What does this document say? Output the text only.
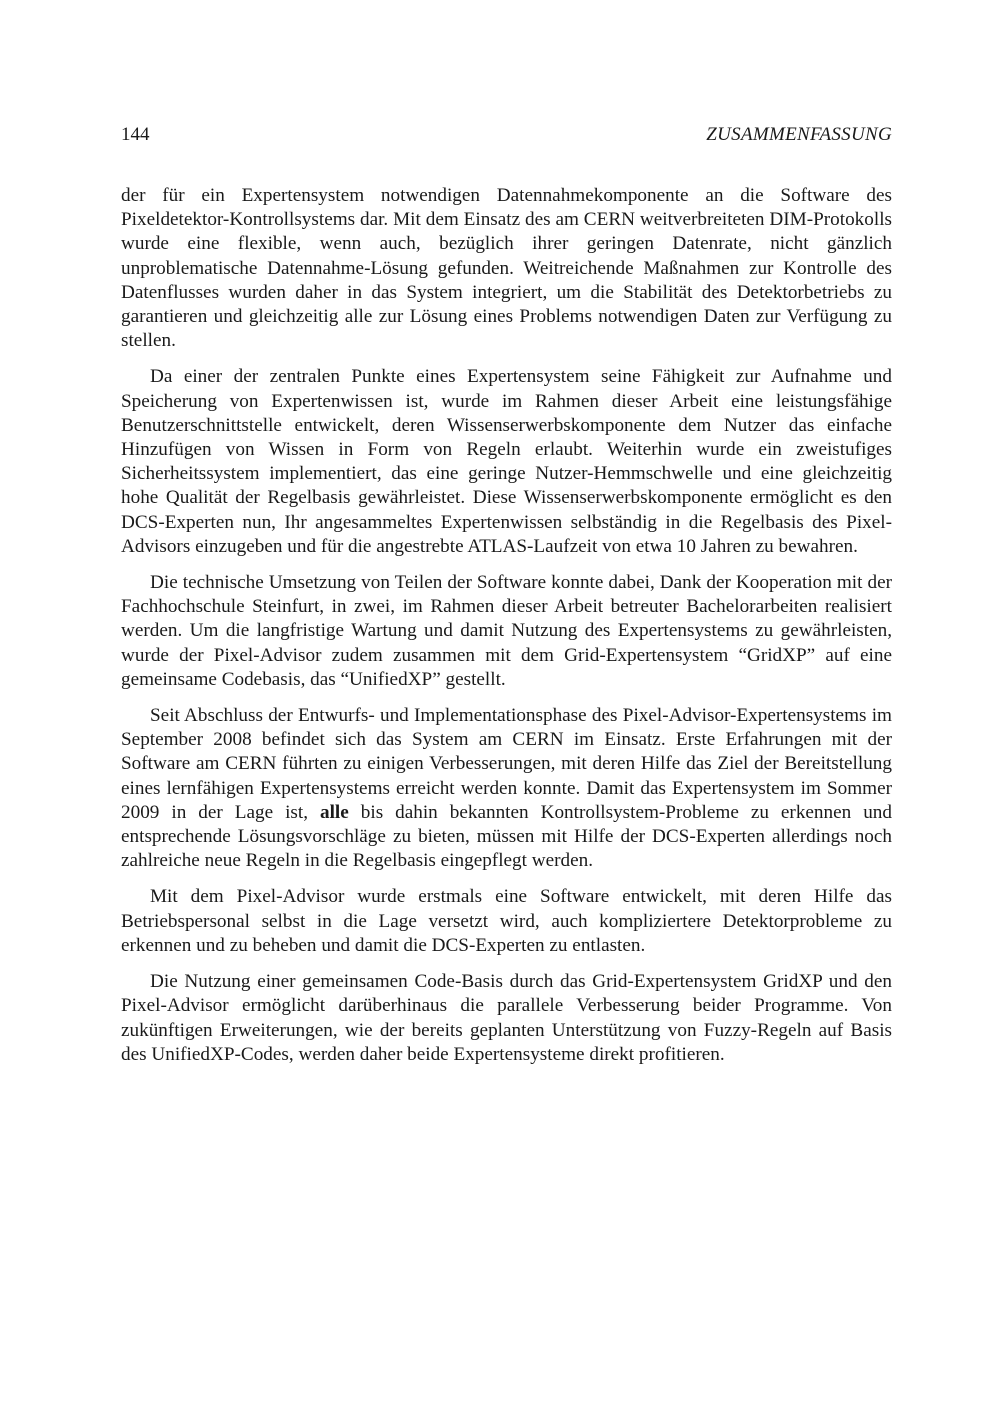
144	ZUSAMMENFASSUNG

der für ein Expertensystem notwendigen Datennahmekomponente an die Software des Pixeldetektor-Kontrollsystems dar. Mit dem Einsatz des am CERN weitverbreiteten DIM-Protokolls wurde eine flexible, wenn auch, bezüglich ihrer geringen Datenrate, nicht gänzlich unproblematische Datennahme-Lösung gefunden. Weitreichende Maßnahmen zur Kontrolle des Datenflusses wurden daher in das System integriert, um die Stabilität des Detektorbetriebs zu garantieren und gleichzeitig alle zur Lösung eines Problems notwendigen Daten zur Verfügung zu stellen.

Da einer der zentralen Punkte eines Expertensystem seine Fähigkeit zur Aufnahme und Speicherung von Expertenwissen ist, wurde im Rahmen dieser Arbeit eine leistungsfähige Benutzerschnittstelle entwickelt, deren Wissenserwerbskomponente dem Nutzer das einfache Hinzufügen von Wissen in Form von Regeln erlaubt. Weiterhin wurde ein zweistufiges Sicherheitssystem implementiert, das eine geringe Nutzer-Hemmschwelle und eine gleichzeitig hohe Qualität der Regelbasis gewährleistet. Diese Wissenserwerbskomponente ermöglicht es den DCS-Experten nun, Ihr angesammeltes Expertenwissen selbständig in die Regelbasis des Pixel-Advisors einzugeben und für die angestrebte ATLAS-Laufzeit von etwa 10 Jahren zu bewahren.

Die technische Umsetzung von Teilen der Software konnte dabei, Dank der Kooperation mit der Fachhochschule Steinfurt, in zwei, im Rahmen dieser Arbeit betreuter Bachelorarbeiten realisiert werden. Um die langfristige Wartung und damit Nutzung des Expertensystems zu gewährleisten, wurde der Pixel-Advisor zudem zusammen mit dem Grid-Expertensystem “GridXP” auf eine gemeinsame Codebasis, das “UnifiedXP” gestellt.

Seit Abschluss der Entwurfs- und Implementationsphase des Pixel-Advisor-Expertensystems im September 2008 befindet sich das System am CERN im Einsatz. Erste Erfahrungen mit der Software am CERN führten zu einigen Verbesserungen, mit deren Hilfe das Ziel der Bereitstellung eines lernfähigen Expertensystems erreicht werden konnte. Damit das Expertensystem im Sommer 2009 in der Lage ist, alle bis dahin bekannten Kontrollsystem-Probleme zu erkennen und entsprechende Lösungsvorschläge zu bieten, müssen mit Hilfe der DCS-Experten allerdings noch zahlreiche neue Regeln in die Regelbasis eingepflegt werden.

Mit dem Pixel-Advisor wurde erstmals eine Software entwickelt, mit deren Hilfe das Betriebspersonal selbst in die Lage versetzt wird, auch kompliziertere Detektorprobleme zu erkennen und zu beheben und damit die DCS-Experten zu entlasten.

Die Nutzung einer gemeinsamen Code-Basis durch das Grid-Expertensystem GridXP und den Pixel-Advisor ermöglicht darüberhinaus die parallele Verbesserung beider Programme. Von zukünftigen Erweiterungen, wie der bereits geplanten Unterstützung von Fuzzy-Regeln auf Basis des UnifiedXP-Codes, werden daher beide Expertensysteme direkt profitieren.
